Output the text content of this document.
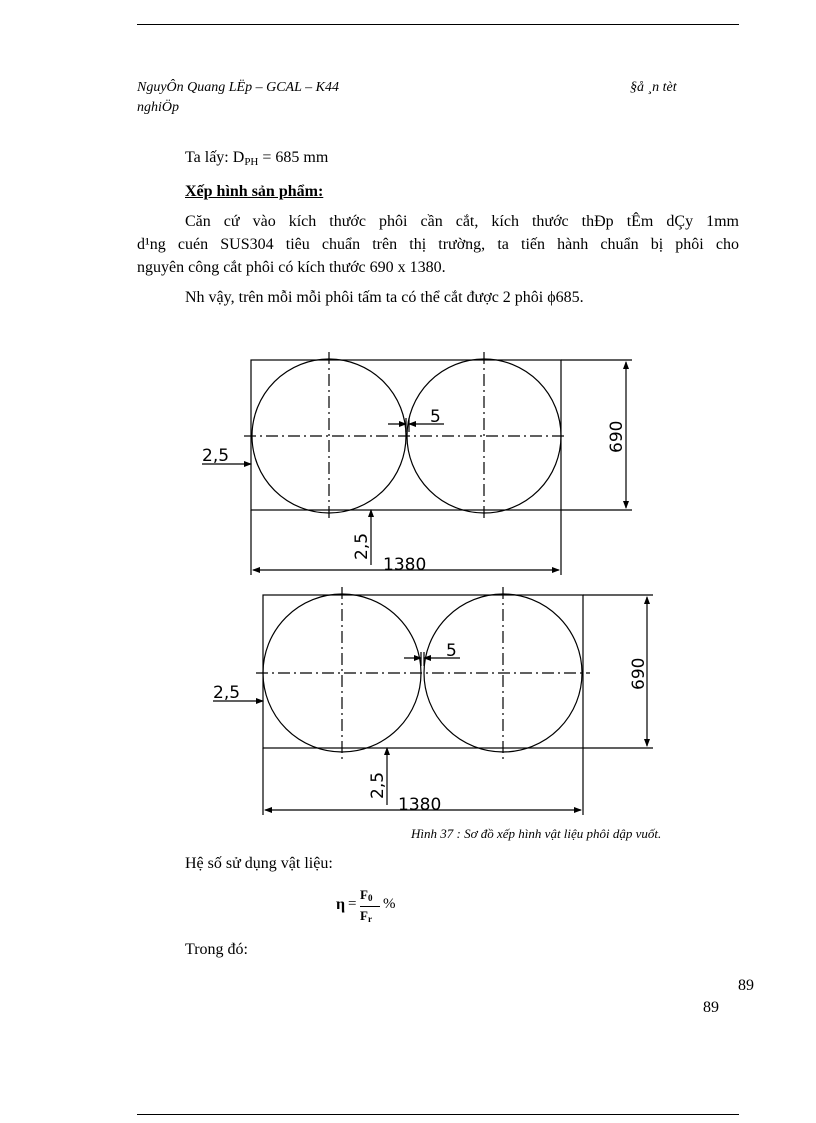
NguyÔn Quang LËp – GCAL – K44
nghiÖp
§å ¸n tèt
Ta lấy: $D_{PH} = 685$ mm
Xếp hình sản phẩm:
Căn cứ vào kích thước phôi cần cắt, kích thước thÐp tÊm dÇy 1mm
d¹ng cuén SUS304 tiêu chuẩn trên thị trường, ta tiến hành chuẩn bị phôi cho
nguyên công cắt phôi có kích thước 690 x 1380.
Nh vậy, trên mỗi mỗi phôi tấm ta có thể cắt được 2 phôi ϕ685.
2,5
5
1380
690
2,5
2,5
5
1380
690
2,5
Hình 37 : Sơ đồ xếp hình vật liệu phôi dập vuốt.
Hệ số sử dụng vật liệu:
η =
$F_0$
$F_r$
%
Trong đó:
89
89
